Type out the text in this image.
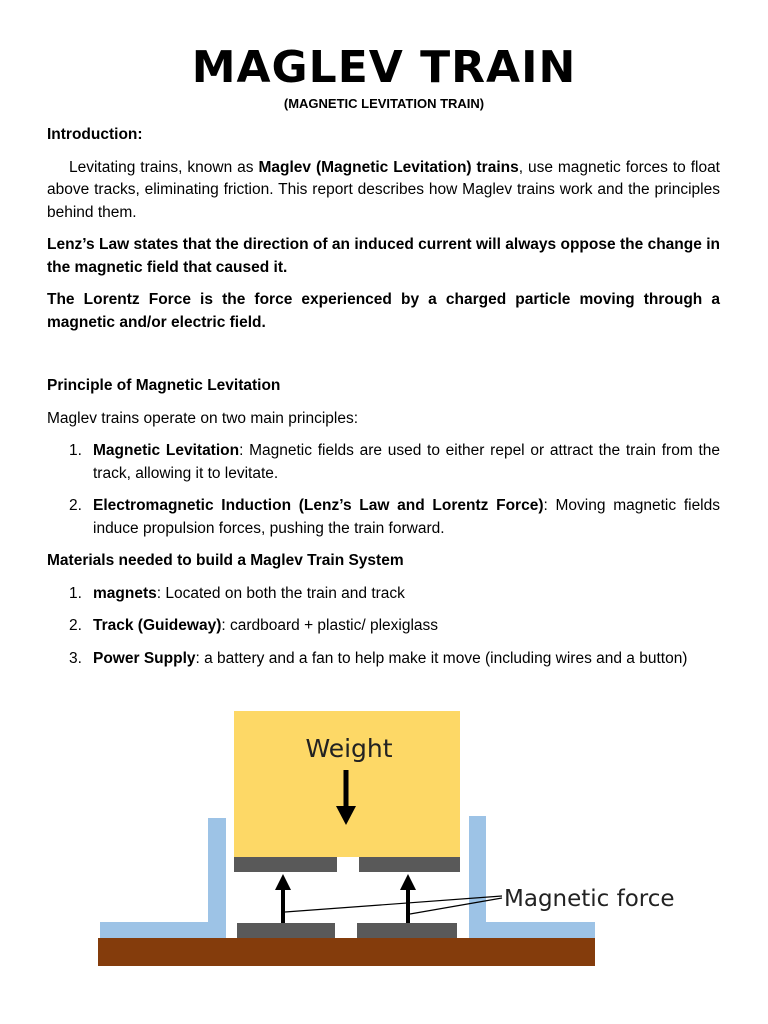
MAGLEV TRAIN
(MAGNETIC LEVITATION TRAIN)

Introduction:

Levitating trains, known as Maglev (Magnetic Levitation) trains, use magnetic forces to float above tracks, eliminating friction. This report describes how Maglev trains work and the principles behind them.

Lenz’s Law states that the direction of an induced current will always oppose the change in the magnetic field that caused it.

The Lorentz Force is the force experienced by a charged particle moving through a magnetic and/or electric field.

Principle of Magnetic Levitation

Maglev trains operate on two main principles:

1. Magnetic Levitation: Magnetic fields are used to either repel or attract the train from the track, allowing it to levitate.
2. Electromagnetic Induction (Lenz’s Law and Lorentz Force): Moving magnetic fields induce propulsion forces, pushing the train forward.

Materials needed to build a Maglev Train System

1. magnets: Located on both the train and track
2. Track (Guideway): cardboard + plastic/ plexiglass
3. Power Supply: a battery and a fan to help make it move (including wires and a button)
Weight
Magnetic force
